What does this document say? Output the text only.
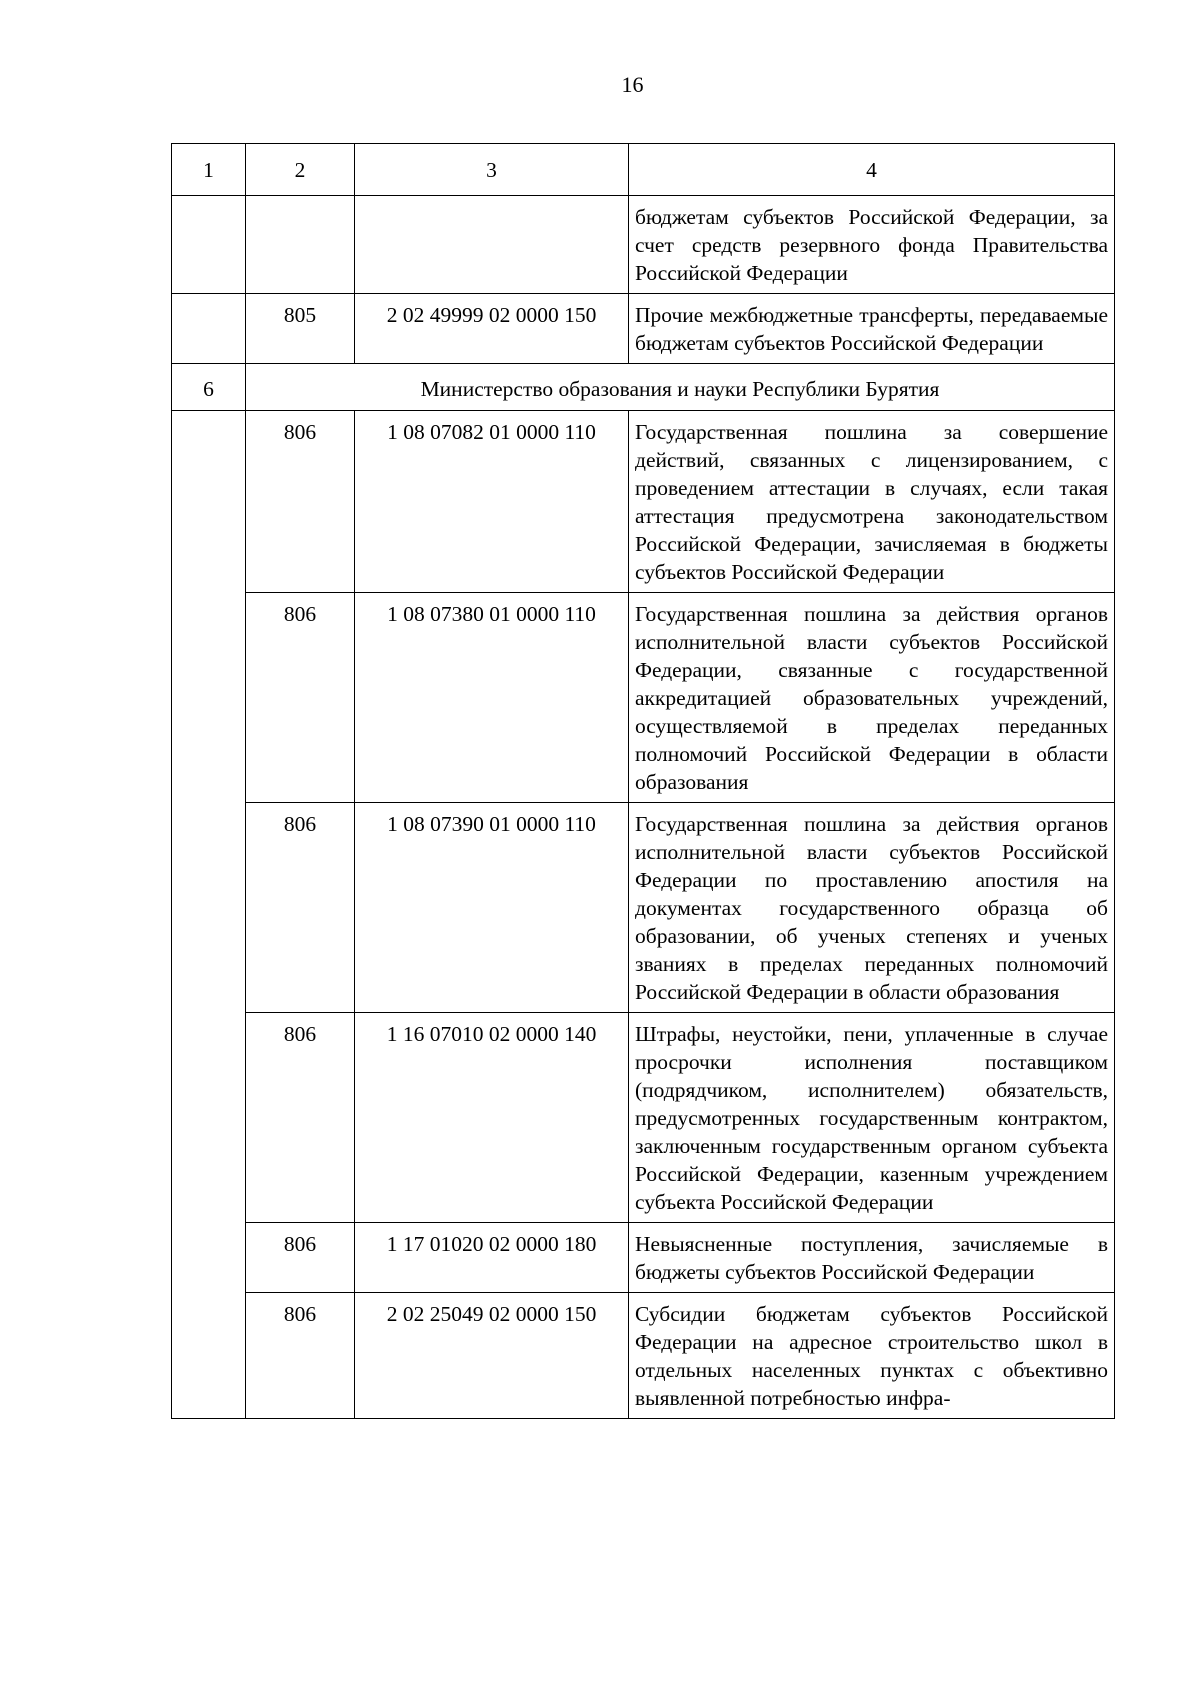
16
1	2	3	4
			бюджетам субъектов Российской Федерации, за счет средств резервного фонда Правительства Российской Федерации
	805	2 02 49999 02 0000 150	Прочие межбюджетные трансферты, передаваемые бюджетам субъектов Российской Федерации
6	Министерство образования и науки Республики Бурятия		
	806	1 08 07082 01 0000 110	Государственная пошлина за совершение действий, связанных с лицензированием, с проведением аттестации в случаях, если такая аттестация предусмотрена законодательством Российской Федерации, зачисляемая в бюджеты субъектов Российской Федерации
	806	1 08 07380 01 0000 110	Государственная пошлина за действия органов исполнительной власти субъектов Российской Федерации, связанные с государственной аккредитацией образовательных учреждений, осуществляемой в пределах переданных полномочий Российской Федерации в области образования
	806	1 08 07390 01 0000 110	Государственная пошлина за действия органов исполнительной власти субъектов Российской Федерации по проставлению апостиля на документах государственного образца об образовании, об ученых степенях и ученых званиях в пределах переданных полномочий Российской Федерации в области образования
	806	1 16 07010 02 0000 140	Штрафы, неустойки, пени, уплаченные в случае просрочки исполнения поставщиком (подрядчиком, исполнителем) обязательств, предусмотренных государственным контрактом, заключенным государственным органом субъекта Российской Федерации, казенным учреждением субъекта Российской Федерации
	806	1 17 01020 02 0000 180	Невыясненные поступления, зачисляемые в бюджеты субъектов Российской Федерации
	806	2 02 25049 02 0000 150	Субсидии бюджетам субъектов Российской Федерации на адресное строительство школ в отдельных населенных пунктах с объективно выявленной потребностью инфра-
